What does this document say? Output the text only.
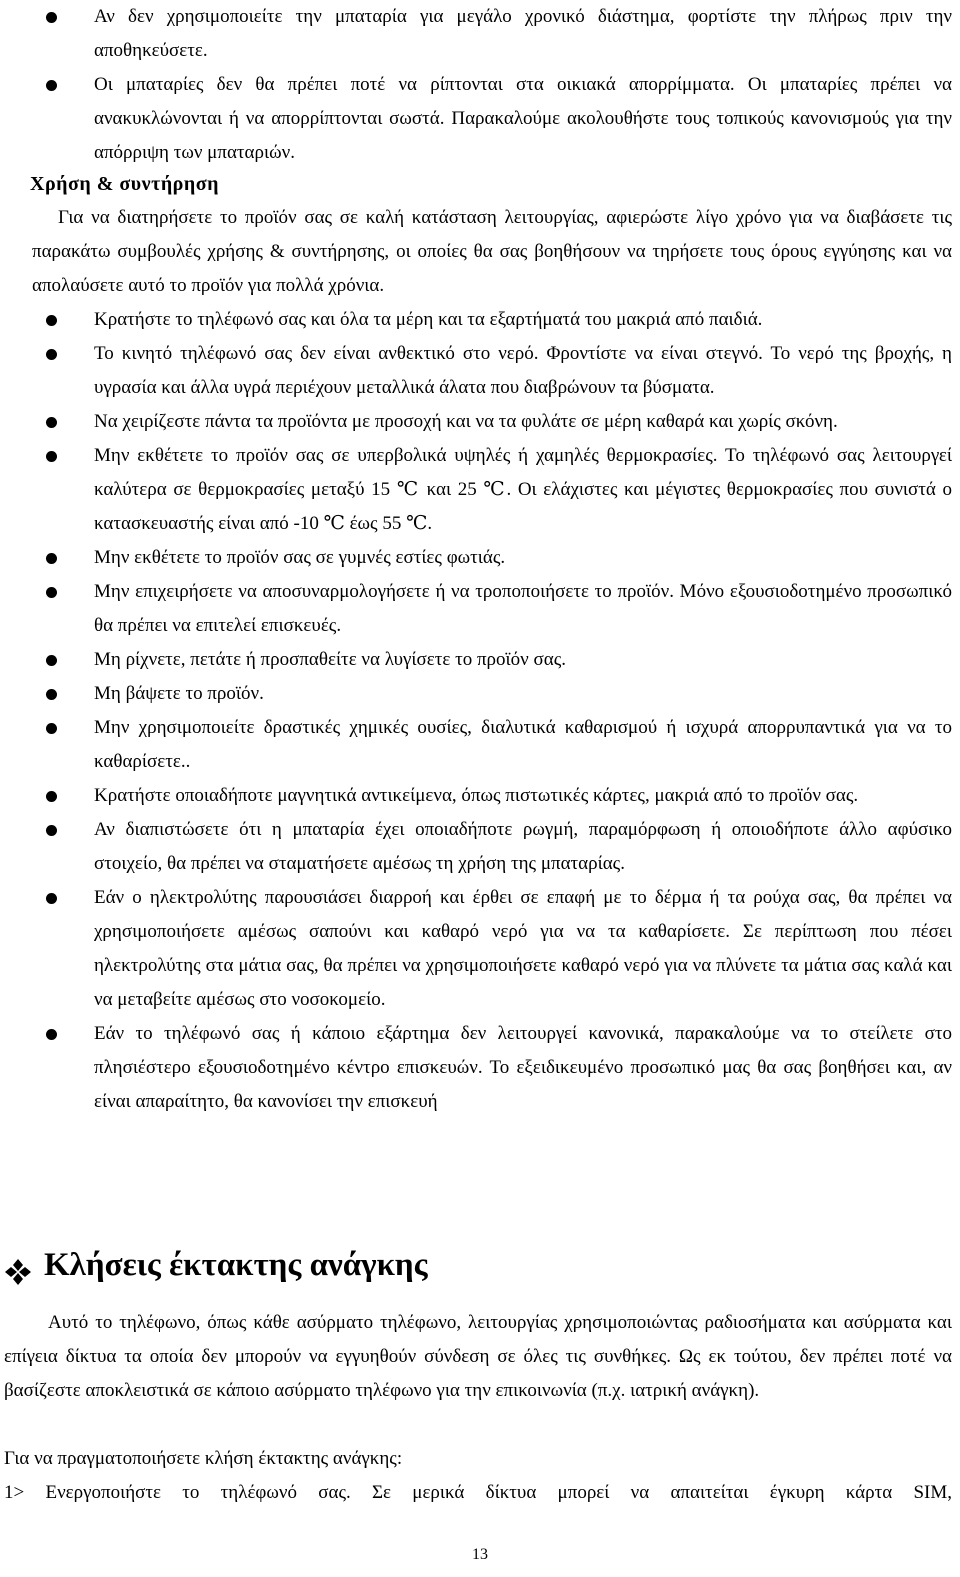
Αν δεν χρησιμοποιείτε την μπαταρία για μεγάλο χρονικό διάστημα, φορτίστε την πλήρως πριν την αποθηκεύσετε.
Οι μπαταρίες δεν θα πρέπει ποτέ να ρίπτονται στα οικιακά απορρίμματα. Οι μπαταρίες πρέπει να ανακυκλώνονται ή να απορρίπτονται σωστά. Παρακαλούμε ακολουθήστε τους τοπικούς κανονισμούς για την απόρριψη των μπαταριών.
Χρήση & συντήρηση
Για να διατηρήσετε το προϊόν σας σε καλή κατάσταση λειτουργίας, αφιερώστε λίγο χρόνο για να διαβάσετε τις παρακάτω συμβουλές χρήσης & συντήρησης, οι οποίες θα σας βοηθήσουν να τηρήσετε τους όρους εγγύησης και να απολαύσετε αυτό το προϊόν για πολλά χρόνια.
Κρατήστε το τηλέφωνό σας και όλα τα μέρη και τα εξαρτήματά του μακριά από παιδιά.
Το κινητό τηλέφωνό σας δεν είναι ανθεκτικό στο νερό. Φροντίστε να είναι στεγνό. Το νερό της βροχής, η υγρασία και άλλα υγρά περιέχουν μεταλλικά άλατα που διαβρώνουν τα βύσματα.
Να χειρίζεστε πάντα τα προϊόντα με προσοχή και να τα φυλάτε σε μέρη καθαρά και χωρίς σκόνη.
Μην εκθέτετε το προϊόν σας σε υπερβολικά υψηλές ή χαμηλές θερμοκρασίες. Το τηλέφωνό σας λειτουργεί καλύτερα σε θερμοκρασίες μεταξύ 15 ℃ και 25 ℃. Οι ελάχιστες και μέγιστες θερμοκρασίες που συνιστά ο κατασκευαστής είναι από -10 ℃ έως 55 ℃.
Μην εκθέτετε το προϊόν σας σε γυμνές εστίες φωτιάς.
Μην επιχειρήσετε να αποσυναρμολογήσετε ή να τροποποιήσετε το προϊόν. Μόνο εξουσιοδοτημένο προσωπικό θα πρέπει να επιτελεί επισκευές.
Μη ρίχνετε, πετάτε ή προσπαθείτε να λυγίσετε το προϊόν σας.
Μη βάψετε το προϊόν.
Μην χρησιμοποιείτε δραστικές χημικές ουσίες, διαλυτικά καθαρισμού ή ισχυρά απορρυπαντικά για να το καθαρίσετε..
Κρατήστε οποιαδήποτε μαγνητικά αντικείμενα, όπως πιστωτικές κάρτες, μακριά από το προϊόν σας.
Αν διαπιστώσετε ότι η μπαταρία έχει οποιαδήποτε ρωγμή, παραμόρφωση ή οποιοδήποτε άλλο αφύσικο στοιχείο, θα πρέπει να σταματήσετε αμέσως τη χρήση της μπαταρίας.
Εάν ο ηλεκτρολύτης παρουσιάσει διαρροή και έρθει σε επαφή με το δέρμα ή τα ρούχα σας, θα πρέπει να χρησιμοποιήσετε αμέσως σαπούνι και καθαρό νερό για να τα καθαρίσετε. Σε περίπτωση που πέσει ηλεκτρολύτης στα μάτια σας, θα πρέπει να χρησιμοποιήσετε καθαρό νερό για να πλύνετε τα μάτια σας καλά και να μεταβείτε αμέσως στο νοσοκομείο.
Εάν το τηλέφωνό σας ή κάποιο εξάρτημα δεν λειτουργεί κανονικά, παρακαλούμε να το στείλετε στο πλησιέστερο εξουσιοδοτημένο κέντρο επισκευών. Το εξειδικευμένο προσωπικό μας θα σας βοηθήσει και, αν είναι απαραίτητο, θα κανονίσει την επισκευή
Κλήσεις έκτακτης ανάγκης
Αυτό το τηλέφωνο, όπως κάθε ασύρματο τηλέφωνο, λειτουργίας χρησιμοποιώντας ραδιοσήματα και ασύρματα και επίγεια δίκτυα τα οποία δεν μπορούν να εγγυηθούν σύνδεση σε όλες τις συνθήκες. Ως εκ τούτου, δεν πρέπει ποτέ να βασίζεστε αποκλειστικά σε κάποιο ασύρματο τηλέφωνο για την επικοινωνία (π.χ. ιατρική ανάγκη).
Για να πραγματοποιήσετε κλήση έκτακτης ανάγκης:
1> Ενεργοποιήστε το τηλέφωνό σας. Σε μερικά δίκτυα μπορεί να απαιτείται έγκυρη κάρτα SIM,
13
